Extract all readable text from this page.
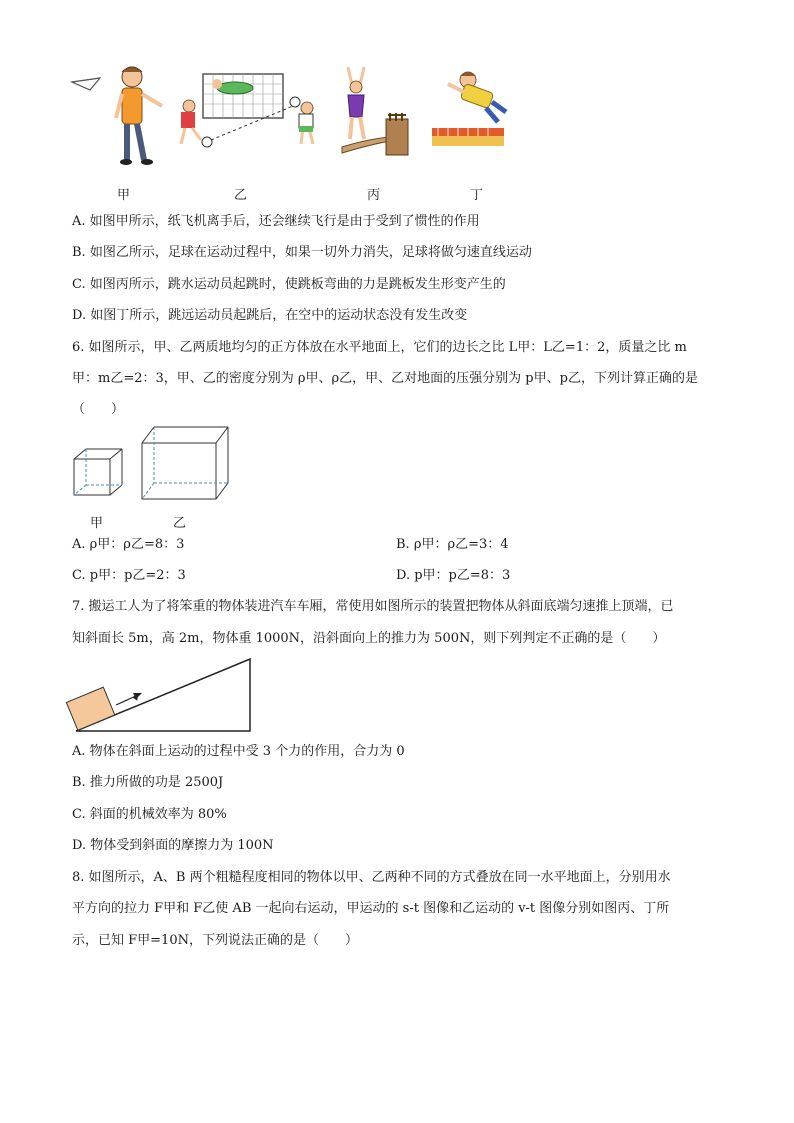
甲	乙	丙	丁
A. 如图甲所示，纸飞机离手后，还会继续飞行是由于受到了惯性的作用
B. 如图乙所示，足球在运动过程中，如果一切外力消失，足球将做匀速直线运动
C. 如图丙所示，跳水运动员起跳时，使跳板弯曲的力是跳板发生形变产生的
D. 如图丁所示，跳远运动员起跳后，在空中的运动状态没有发生改变
6. 如图所示，甲、乙两质地均匀的正方体放在水平地面上，它们的边长之比 L甲：L乙=1：2，质量之比 m
甲：m乙=2：3，甲、乙的密度分别为 ρ甲、ρ乙，甲、乙对地面的压强分别为 p甲、p乙，下列计算正确的是
（　　）
甲	乙
A. ρ甲：ρ乙=8：3	B. ρ甲：ρ乙=3：4
C. p甲：p乙=2：3	D. p甲：p乙=8：3
7. 搬运工人为了将笨重的物体装进汽车车厢，常使用如图所示的装置把物体从斜面底端匀速推上顶端，已
知斜面长 5m，高 2m，物体重 1000N，沿斜面向上的推力为 500N，则下列判定不正确的是（　　）
A. 物体在斜面上运动的过程中受 3 个力的作用，合力为 0
B. 推力所做的功是 2500J
C. 斜面的机械效率为 80%
D. 物体受到斜面的摩擦力为 100N
8. 如图所示，A、B 两个粗糙程度相同的物体以甲、乙两种不同的方式叠放在同一水平地面上，分别用水
平方向的拉力 F甲和 F乙使 AB 一起向右运动，甲运动的 s-t 图像和乙运动的 v-t 图像分别如图丙、丁所
示，已知 F甲=10N，下列说法正确的是（　　）
